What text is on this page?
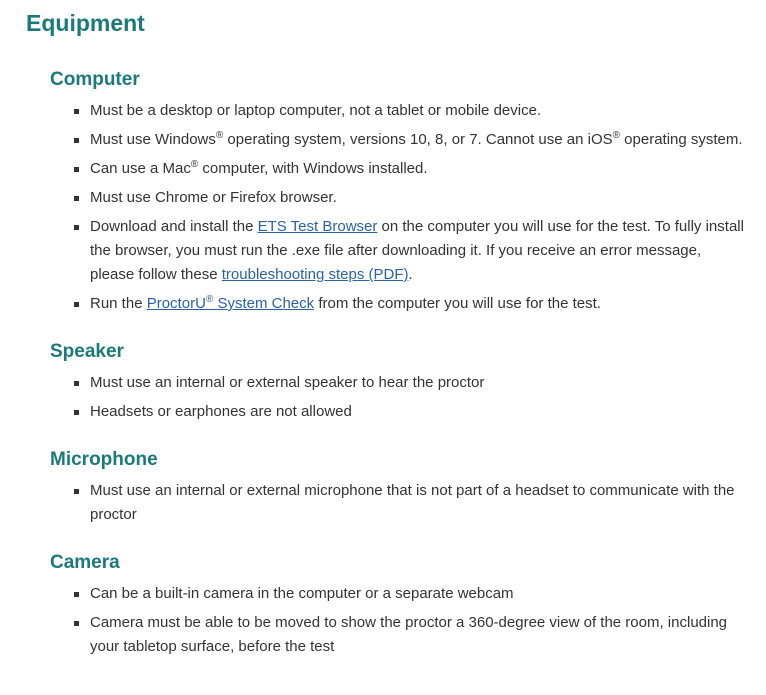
Equipment
Computer
Must be a desktop or laptop computer, not a tablet or mobile device.
Must use Windows® operating system, versions 10, 8, or 7. Cannot use an iOS® operating system.
Can use a Mac® computer, with Windows installed.
Must use Chrome or Firefox browser.
Download and install the ETS Test Browser on the computer you will use for the test. To fully install the browser, you must run the .exe file after downloading it. If you receive an error message, please follow these troubleshooting steps (PDF).
Run the ProctorU® System Check from the computer you will use for the test.
Speaker
Must use an internal or external speaker to hear the proctor
Headsets or earphones are not allowed
Microphone
Must use an internal or external microphone that is not part of a headset to communicate with the proctor
Camera
Can be a built-in camera in the computer or a separate webcam
Camera must be able to be moved to show the proctor a 360-degree view of the room, including your tabletop surface, before the test
